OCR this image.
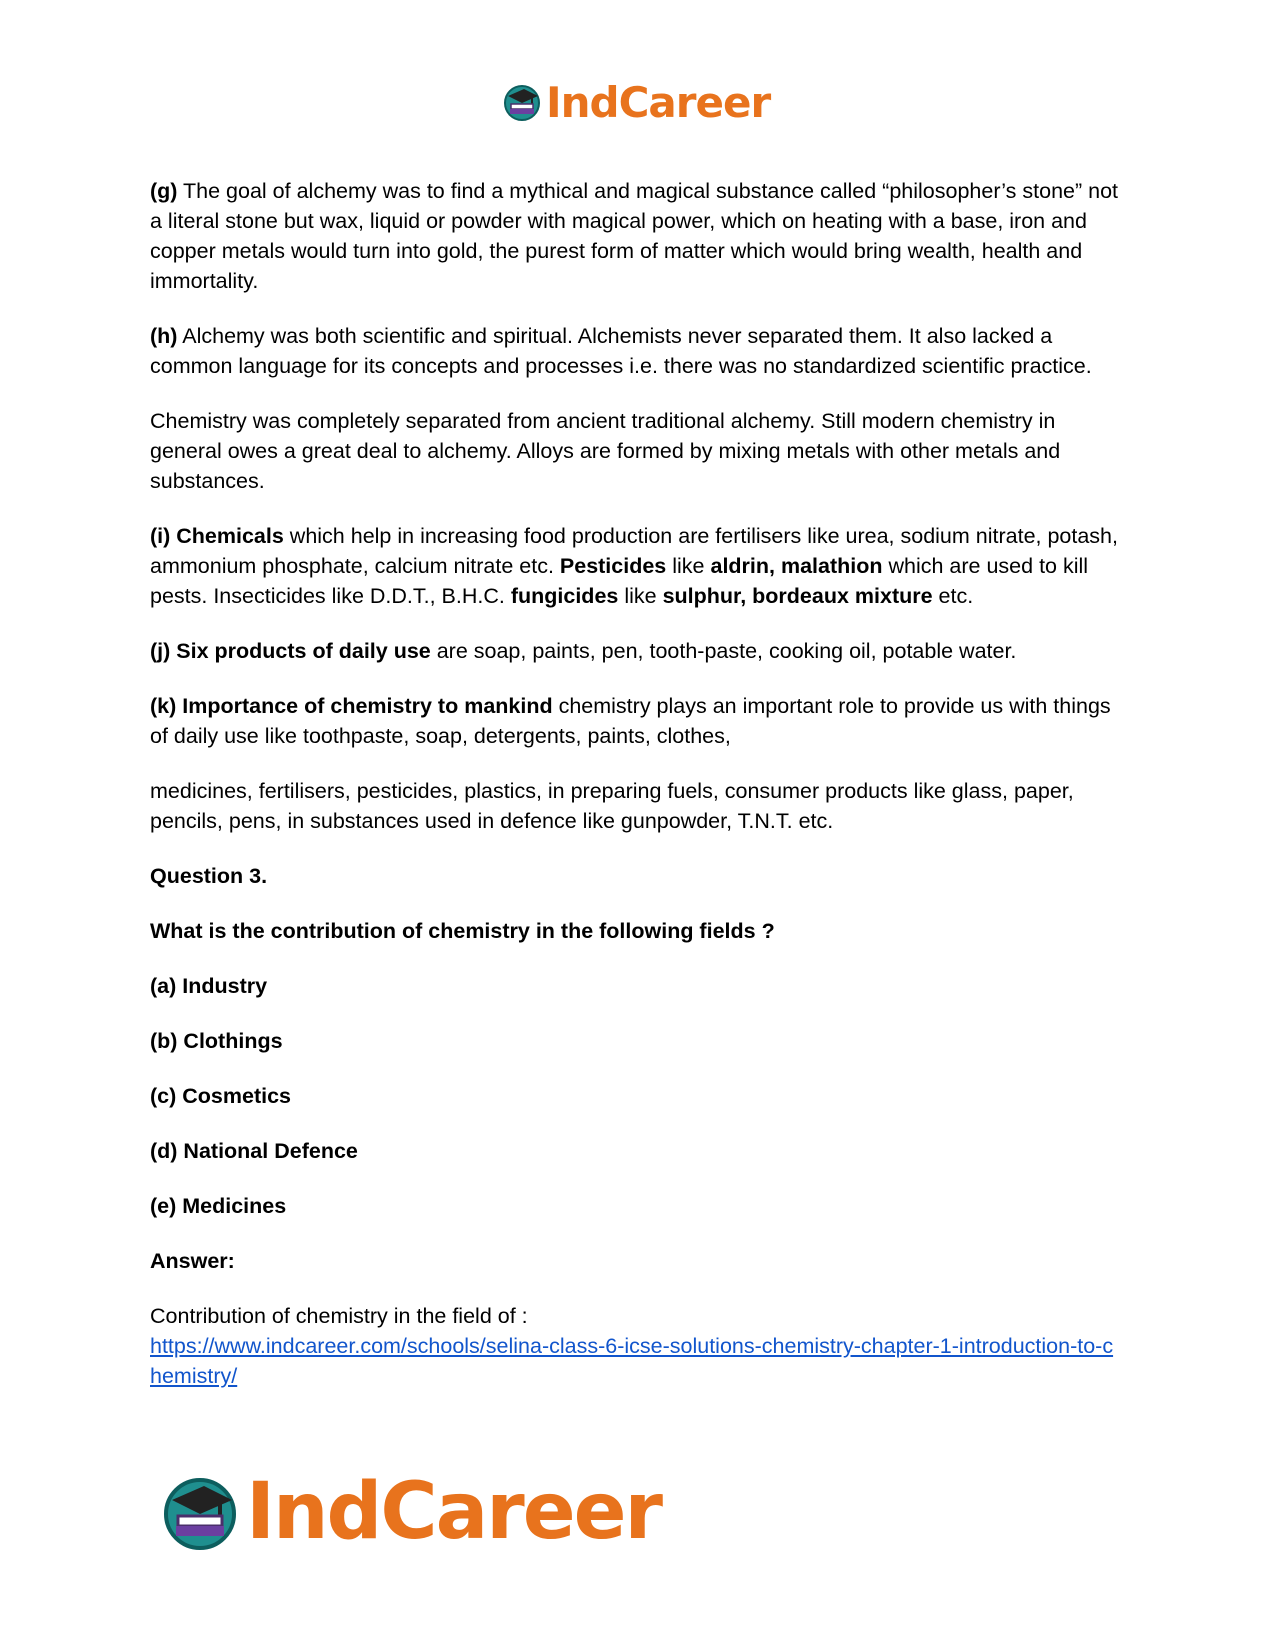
IndCareer

(g) The goal of alchemy was to find a mythical and magical substance called “philosopher’s stone” not a literal stone but wax, liquid or powder with magical power, which on heating with a base, iron and copper metals would turn into gold, the purest form of matter which would bring wealth, health and immortality.

(h) Alchemy was both scientific and spiritual. Alchemists never separated them. It also lacked a common language for its concepts and processes i.e. there was no standardized scientific practice.

Chemistry was completely separated from ancient traditional alchemy. Still modern chemistry in general owes a great deal to alchemy. Alloys are formed by mixing metals with other metals and substances.

(i) Chemicals which help in increasing food production are fertilisers like urea, sodium nitrate, potash, ammonium phosphate, calcium nitrate etc. Pesticides like aldrin, malathion which are used to kill pests. Insecticides like D.D.T., B.H.C. fungicides like sulphur, bordeaux mixture etc.

(j) Six products of daily use are soap, paints, pen, tooth-paste, cooking oil, potable water.

(k) Importance of chemistry to mankind chemistry plays an important role to provide us with things of daily use like toothpaste, soap, detergents, paints, clothes,

medicines, fertilisers, pesticides, plastics, in preparing fuels, consumer products like glass, paper, pencils, pens, in substances used in defence like gunpowder, T.N.T. etc.

Question 3.

What is the contribution of chemistry in the following fields ?

(a) Industry

(b) Clothings

(c) Cosmetics

(d) National Defence

(e) Medicines

Answer:

Contribution of chemistry in the field of :
https://www.indcareer.com/schools/selina-class-6-icse-solutions-chemistry-chapter-1-introduction-to-chemistry/

IndCareer
